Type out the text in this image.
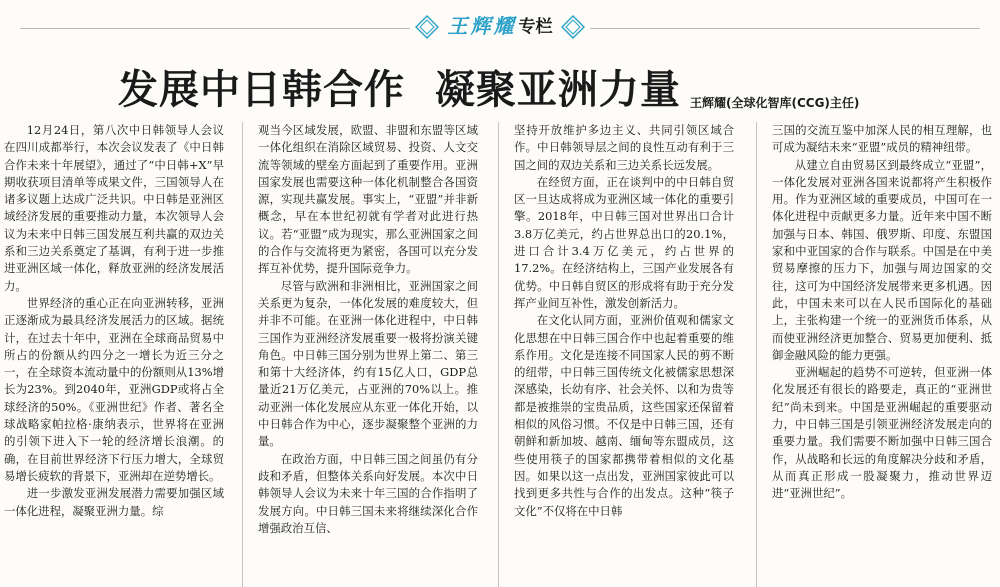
王辉耀 专栏
发展中日韩合作  凝聚亚洲力量 王辉耀(全球化智库(CCG)主任)

12月24日，第八次中日韩领导人会议在四川成都举行，本次会议发表了《中日韩合作未来十年展望》，通过了“中日韩+X”早期收获项目清单等成果文件，三国领导人在诸多议题上达成广泛共识。中日韩是亚洲区域经济发展的重要推动力量，本次领导人会议为未来中日韩三国发展互利共赢的双边关系和三边关系奠定了基调，有利于进一步推进亚洲区域一体化，释放亚洲的经济发展活力。

世界经济的重心正在向亚洲转移，亚洲正逐渐成为最具经济发展活力的区域。据统计，在过去十年中，亚洲在全球商品贸易中所占的份额从约四分之一增长为近三分之一，在全球资本流动量中的份额则从13%增长为23%。到2040年，亚洲GDP或将占全球经济的50%。《亚洲世纪》作者、著名全球战略家帕拉格·康纳表示，世界将在亚洲的引领下进入下一轮的经济增长浪潮。的确，在目前世界经济下行压力增大，全球贸易增长疲软的背景下，亚洲却在逆势增长。

进一步激发亚洲发展潜力需要加强区域一体化进程，凝聚亚洲力量。综

观当今区域发展，欧盟、非盟和东盟等区域一体化组织在消除区域贸易、投资、人文交流等领域的壁垒方面起到了重要作用。亚洲国家发展也需要这种一体化机制整合各国资源，实现共赢发展。事实上，“亚盟”并非新概念，早在本世纪初就有学者对此进行热议。若“亚盟”成为现实，那么亚洲国家之间的合作与交流将更为紧密，各国可以充分发挥互补优势，提升国际竞争力。

尽管与欧洲和非洲相比，亚洲国家之间关系更为复杂，一体化发展的难度较大，但并非不可能。在亚洲一体化进程中，中日韩三国作为亚洲经济发展重要一极将扮演关键角色。中日韩三国分别为世界上第二、第三和第十大经济体，约有15亿人口，GDP总量近21万亿美元，占亚洲的70%以上。推动亚洲一体化发展应从东亚一体化开始，以中日韩合作为中心，逐步凝聚整个亚洲的力量。

在政治方面，中日韩三国之间虽仍有分歧和矛盾，但整体关系向好发展。本次中日韩领导人会议为未来十年三国的合作指明了发展方向。中日韩三国未来将继续深化合作增强政治互信、

坚持开放维护多边主义、共同引领区域合作。中日韩领导层之间的良性互动有利于三国之间的双边关系和三边关系长远发展。

在经贸方面，正在谈判中的中日韩自贸区一旦达成将成为亚洲区域一体化的重要引擎。2018年，中日韩三国对世界出口合计3.8万亿美元，约占世界总出口的20.1%，进口合计3.4万亿美元，约占世界的17.2%。在经济结构上，三国产业发展各有优势。中日韩自贸区的形成将有助于充分发挥产业间互补性，激发创新活力。

在文化认同方面，亚洲价值观和儒家文化思想在中日韩三国合作中也起着重要的维系作用。文化是连接不同国家人民的剪不断的纽带，中日韩三国传统文化被儒家思想深深感染，长幼有序、社会关怀、以和为贵等都是被推崇的宝贵品质，这些国家还保留着相似的风俗习惯。不仅是中日韩三国，还有朝鲜和新加坡、越南、缅甸等东盟成员，这些使用筷子的国家都携带着相似的文化基因。如果以这一点出发，亚洲国家彼此可以找到更多共性与合作的出发点。这种“筷子文化”不仅将在中日韩

三国的交流互鉴中加深人民的相互理解，也可成为凝结未来“亚盟”成员的精神纽带。

从建立自由贸易区到最终成立“亚盟”，一体化发展对亚洲各国来说都将产生积极作用。作为亚洲区域的重要成员，中国可在一体化进程中贡献更多力量。近年来中国不断加强与日本、韩国、俄罗斯、印度、东盟国家和中亚国家的合作与联系。中国是在中美贸易摩擦的压力下，加强与周边国家的交往，这可为中国经济发展带来更多机遇。因此，中国未来可以在人民币国际化的基础上，主张构建一个统一的亚洲货币体系，从而使亚洲经济更加整合、贸易更加便利、抵御金融风险的能力更强。

亚洲崛起的趋势不可逆转，但亚洲一体化发展还有很长的路要走，真正的“亚洲世纪”尚未到来。中国是亚洲崛起的重要驱动力，中日韩三国是引领亚洲经济发展走向的重要力量。我们需要不断加强中日韩三国合作，从战略和长远的角度解决分歧和矛盾，从而真正形成一股凝聚力，推动世界迈进“亚洲世纪”。
